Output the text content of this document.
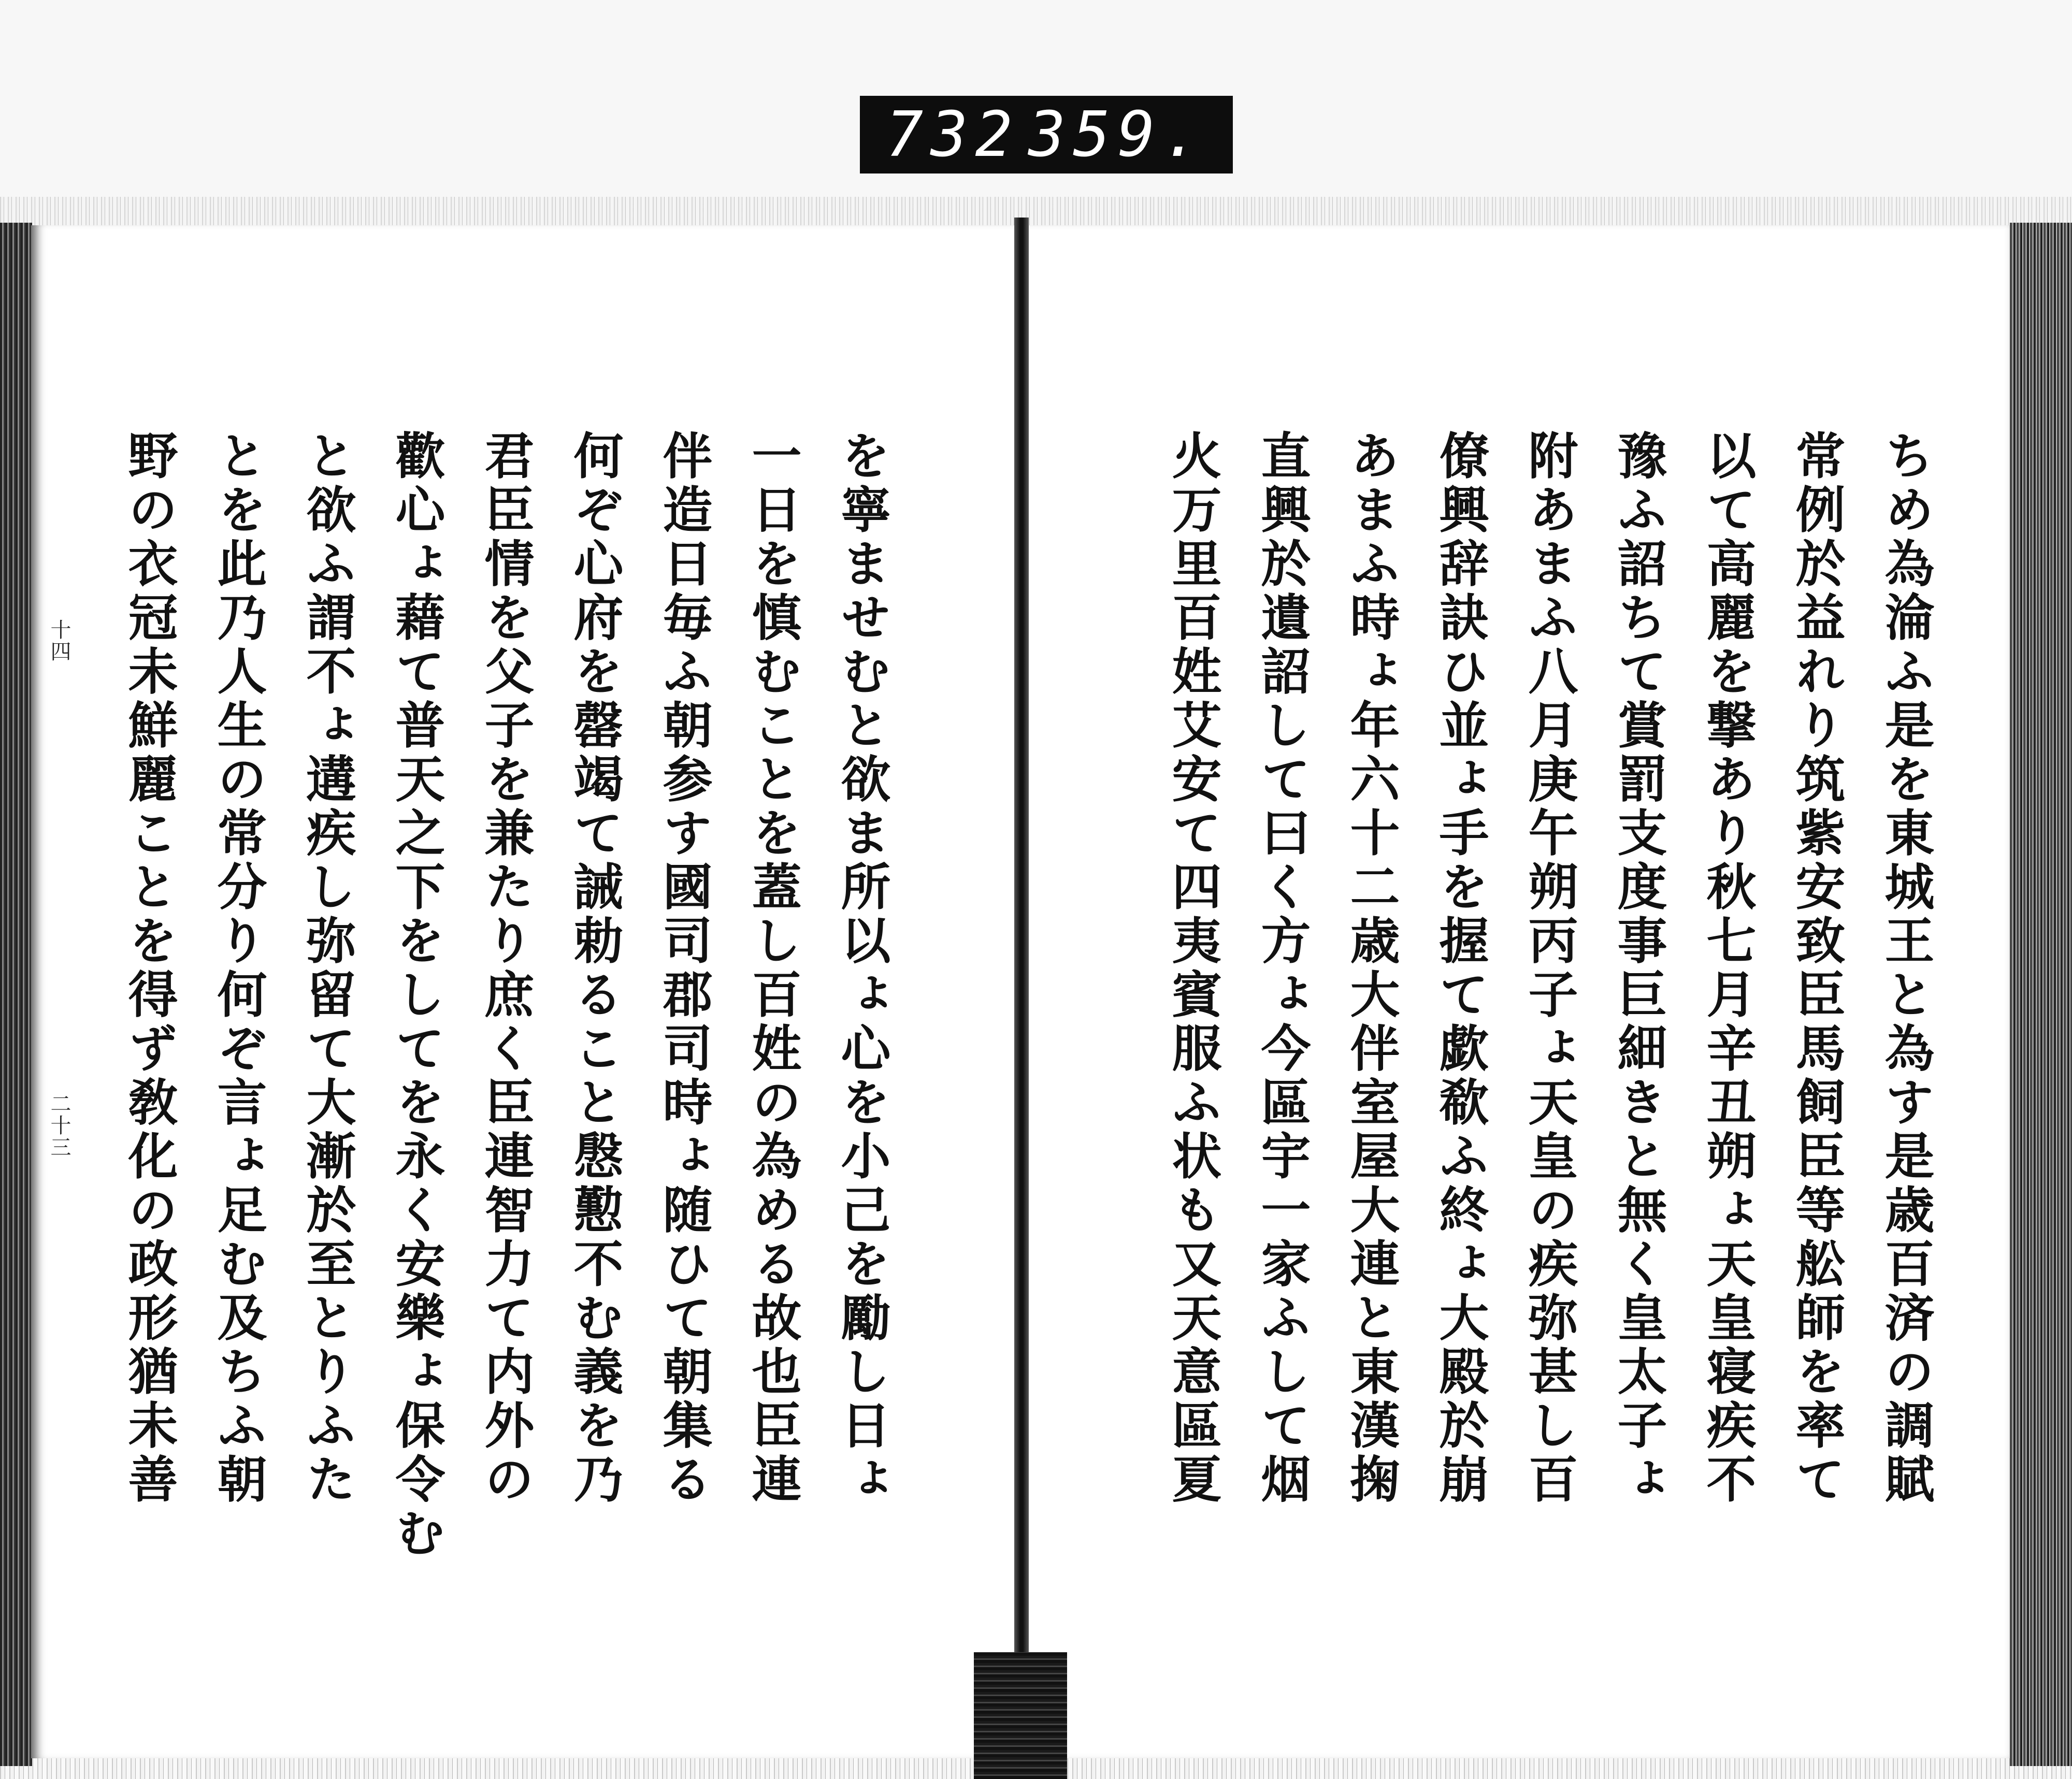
732 359.
十四
二十三	ちめ為淪ふ是を東城王と為す是歳百済の調賦
常例於益れり筑紫安致臣馬飼臣等舩師を率て
以て高麗を撃あり秋七月辛丑朔ょ天皇寝疾不
豫ふ詔ちて賞罰支度事巨細きと無く皇太子ょ
附あまふ八月庚午朔丙子ょ天皇の疾弥甚し百
僚興辞訣ひ並ょ手を握て歔欷ふ終ょ大殿於崩
あまふ時ょ年六十二歳大伴室屋大連と東漢掬
直興於遺詔して曰く方ょ今區宇一家ふして烟
火万里百姓艾安て四夷賓服ふ状も又天意區夏
を寧ませむと欲ま所以ょ心を小己を勵し日ょ
一日を慎むことを蓋し百姓の為める故也臣連
伴造日毎ふ朝参す國司郡司時ょ随ひて朝集る
何ぞ心府を罄竭て誡勅ること慇懃不む義を乃
君臣情を父子を兼たり庶く臣連智力て内外の
歡心ょ藉て普天之下をしてを永く安樂ょ保令む
と欲ふ謂不ょ遘疾し弥留て大漸於至とりふた
とを此乃人生の常分り何ぞ言ょ足む及ちふ朝
野の衣冠未鮮麗ことを得ず敎化の政形猶未善
